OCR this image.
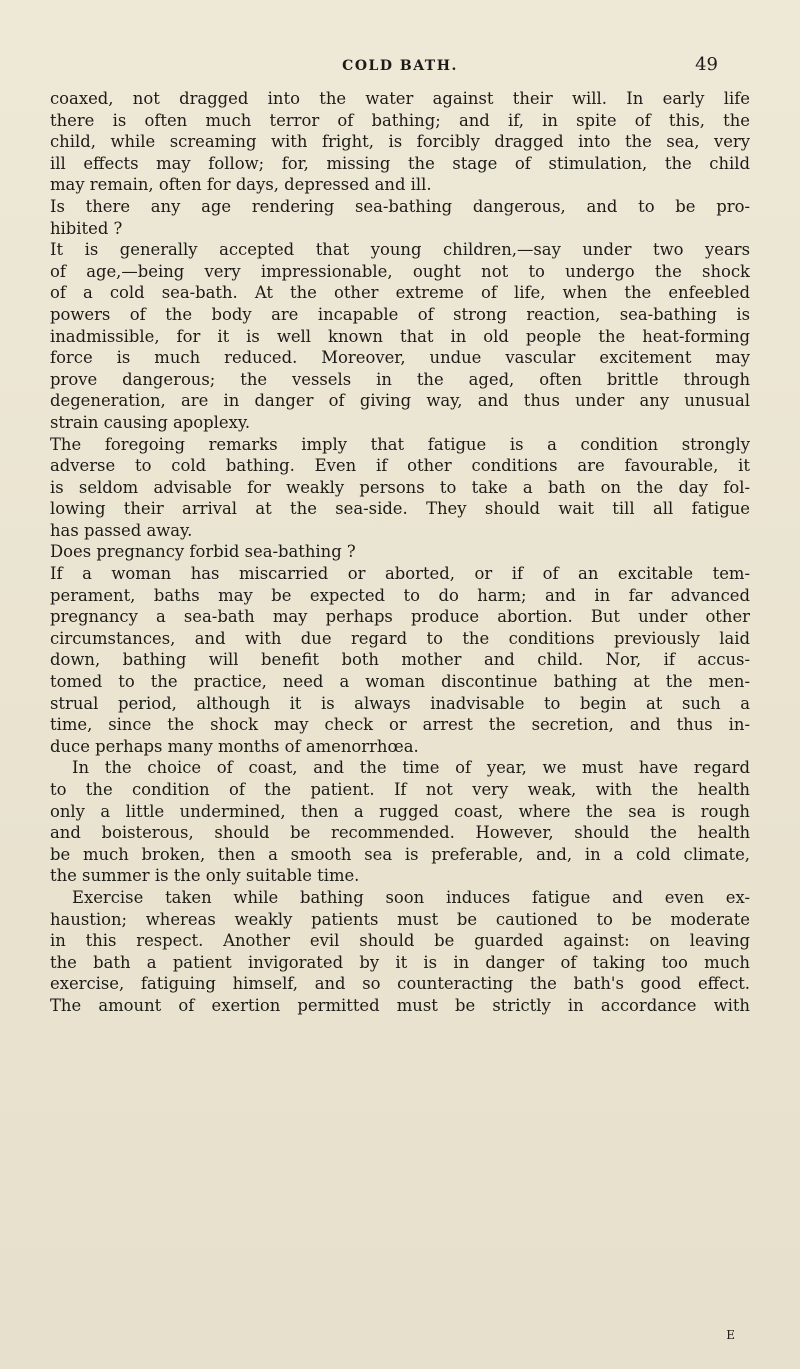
COLD BATH.	49
coaxed, not dragged into the water against their will. In early life
there is often much terror of bathing; and if, in spite of this, the
child, while screaming with fright, is forcibly dragged into the sea, very
ill effects may follow; for, missing the stage of stimulation, the child
may remain, often for days, depressed and ill.
Is there any age rendering sea-bathing dangerous, and to be pro-
hibited ?
It is generally accepted that young children,—say under two years
of age,—being very impressionable, ought not to undergo the shock
of a cold sea-bath. At the other extreme of life, when the enfeebled
powers of the body are incapable of strong reaction, sea-bathing is
inadmissible, for it is well known that in old people the heat-forming
force is much reduced. Moreover, undue vascular excitement may
prove dangerous; the vessels in the aged, often brittle through
degeneration, are in danger of giving way, and thus under any unusual
strain causing apoplexy.
The foregoing remarks imply that fatigue is a condition strongly
adverse to cold bathing. Even if other conditions are favourable, it
is seldom advisable for weakly persons to take a bath on the day fol-
lowing their arrival at the sea-side. They should wait till all fatigue
has passed away.
Does pregnancy forbid sea-bathing ?
If a woman has miscarried or aborted, or if of an excitable tem-
perament, baths may be expected to do harm; and in far advanced
pregnancy a sea-bath may perhaps produce abortion. But under other
circumstances, and with due regard to the conditions previously laid
down, bathing will benefit both mother and child. Nor, if accus-
tomed to the practice, need a woman discontinue bathing at the men-
strual period, although it is always inadvisable to begin at such a
time, since the shock may check or arrest the secretion, and thus in-
duce perhaps many months of amenorrhœa.
In the choice of coast, and the time of year, we must have regard
to the condition of the patient. If not very weak, with the health
only a little undermined, then a rugged coast, where the sea is rough
and boisterous, should be recommended. However, should the health
be much broken, then a smooth sea is preferable, and, in a cold climate,
the summer is the only suitable time.
Exercise taken while bathing soon induces fatigue and even ex-
haustion; whereas weakly patients must be cautioned to be moderate
in this respect. Another evil should be guarded against: on leaving
the bath a patient invigorated by it is in danger of taking too much
exercise, fatiguing himself, and so counteracting the bath's good effect.
The amount of exertion permitted must be strictly in accordance with
E
